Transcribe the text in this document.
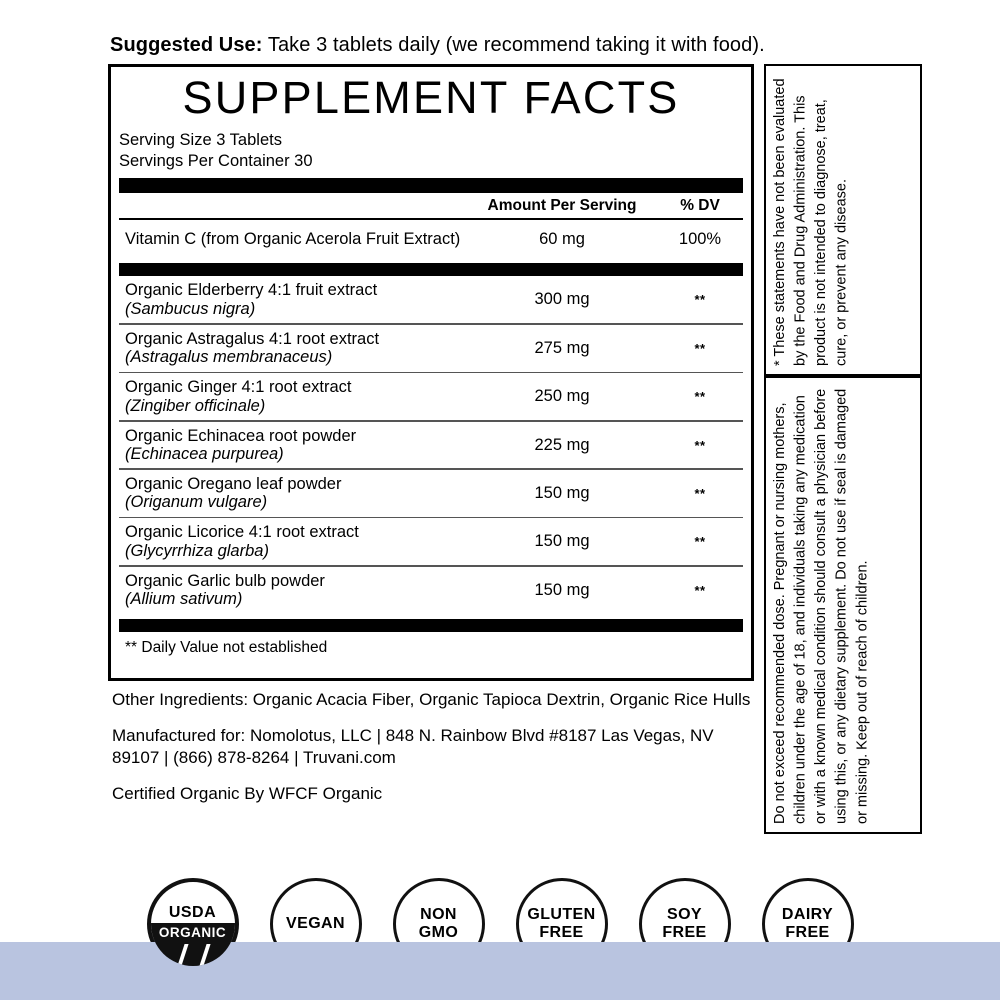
Suggested Use: Take 3 tablets daily (we recommend taking it with food).
SUPPLEMENT FACTS
Serving Size 3 Tablets
Servings Per Container 30
Amount Per Serving	% DV
Vitamin C (from Organic Acerola Fruit Extract)	60 mg	100%
Organic Elderberry 4:1 fruit extract
(Sambucus nigra)
300 mg	**
Organic Astragalus 4:1 root extract
(Astragalus membranaceus)
275 mg	**
Organic Ginger 4:1 root extract
(Zingiber officinale)
250 mg	**
Organic Echinacea root powder
(Echinacea purpurea)
225 mg	**
Organic Oregano leaf powder
(Origanum vulgare)
150 mg	**
Organic Licorice 4:1 root extract
(Glycyrrhiza glarba)
150 mg	**
Organic Garlic bulb powder
(Allium sativum)
150 mg	**
** Daily Value not established

Other Ingredients: Organic Acacia Fiber, Organic Tapioca Dextrin, Organic Rice Hulls

Manufactured for: Nomolotus, LLC | 848 N. Rainbow Blvd #8187 Las Vegas, NV 89107 | (866) 878-8264 | Truvani.com

Certified Organic By WFCF Organic

* These statements have not been evaluated by the Food and Drug Administration. This product is not intended to diagnose, treat, cure, or prevent any disease.
Do not exceed recommended dose. Pregnant or nursing mothers, children under the age of 18, and individuals taking any medication or with a known medical condition should consult a physician before using this, or any dietary supplement. Do not use if seal is damaged or missing. Keep out of reach of children.
USDA
ORGANIC
VEGAN
NON
GMO
GLUTEN
FREE
SOY
FREE
DAIRY
FREE
